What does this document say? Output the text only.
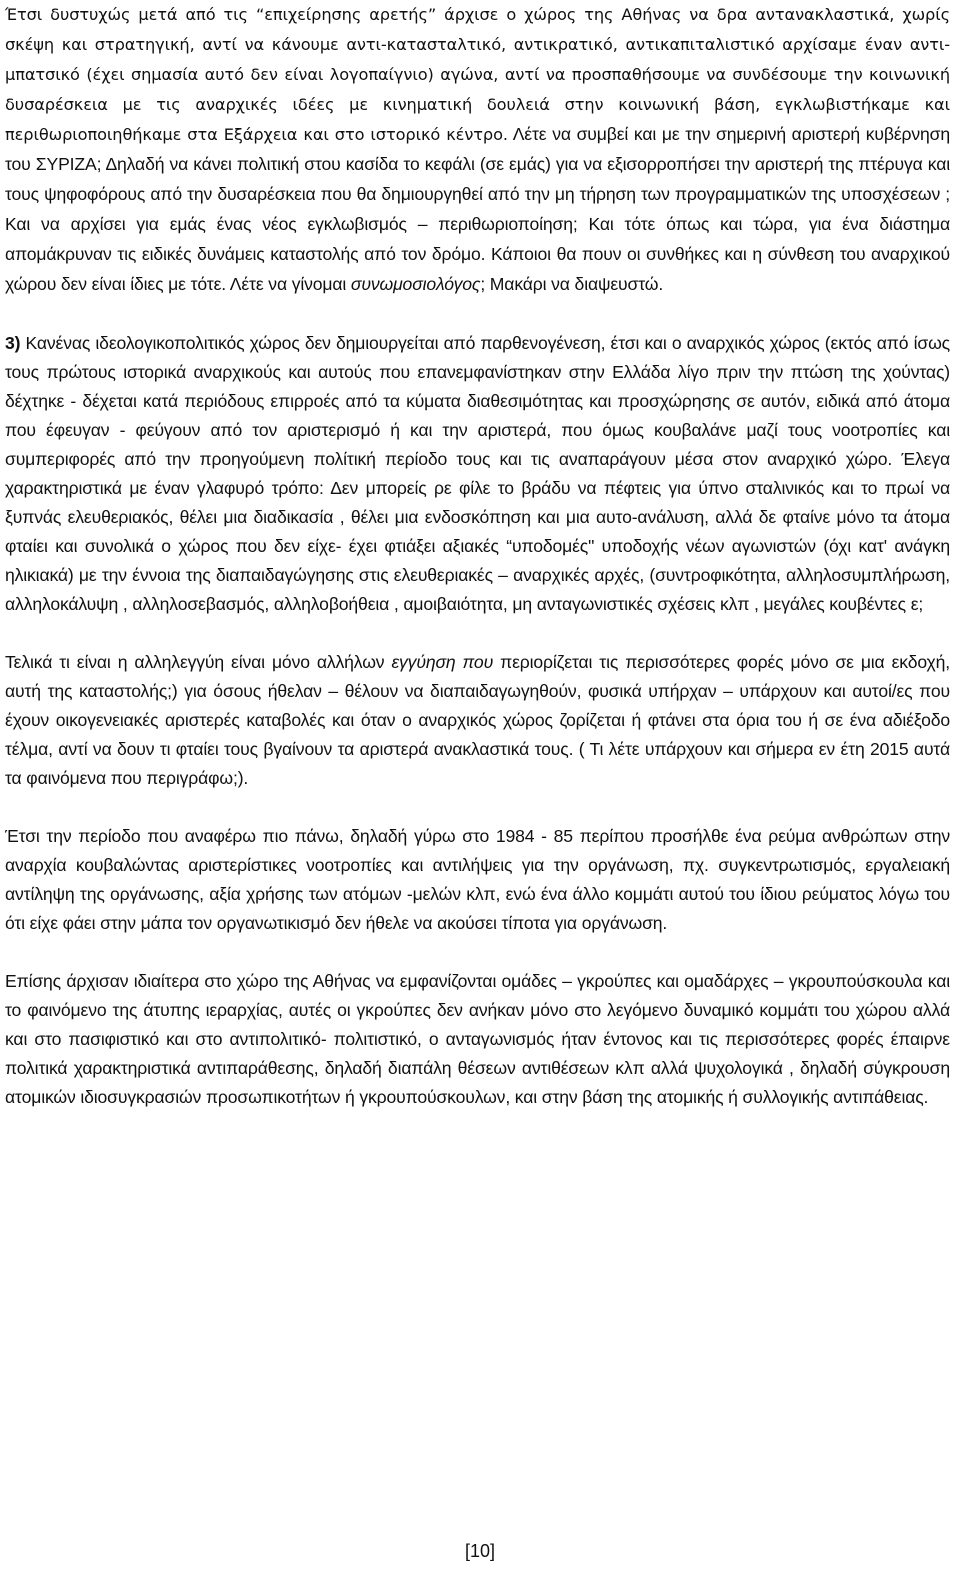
Έτσι δυστυχώς μετά από τις “επιχείρησης αρετής” άρχισε ο χώρος της Αθήνας να δρα αντανακλαστικά, χωρίς σκέψη και στρατηγική, αντί να κάνουμε αντι-κατασταλτικό, αντικρατικό, αντικαπιταλιστικό αρχίσαμε έναν αντι-μπατσικό (έχει σημασία αυτό δεν είναι λογοπαίγνιο) αγώνα, αντί να προσπαθήσουμε να συνδέσουμε την κοινωνική δυσαρέσκεια με τις αναρχικές ιδέες με κινηματική δουλειά στην κοινωνική βάση, εγκλωβιστήκαμε και περιθωριοποιηθήκαμε στα Εξάρχεια και στο ιστορικό κέντρο. Λέτε να συμβεί και με την σημερινή αριστερή κυβέρνηση του ΣΥΡΙΖΑ; Δηλαδή να κάνει πολιτική στου κασίδα το κεφάλι (σε εμάς) για να εξισορροπήσει την αριστερή της πτέρυγα και τους ψηφοφόρους από την δυσαρέσκεια που θα δημιουργηθεί από την μη τήρηση των προγραμματικών της υποσχέσεων ; Και να αρχίσει για εμάς ένας νέος εγκλωβισμός – περιθωριοποίηση; Και τότε όπως και τώρα, για ένα διάστημα απομάκρυναν τις ειδικές δυνάμεις καταστολής από τον δρόμο. Κάποιοι θα πουν οι συνθήκες και η σύνθεση του αναρχικού χώρου δεν είναι ίδιες με τότε. Λέτε να γίνομαι συνωμοσιολόγος; Μακάρι να διαψευστώ.

3) Κανένας ιδεολογικοπολιτικός χώρος δεν δημιουργείται από παρθενογένεση, έτσι και ο αναρχικός χώρος (εκτός από ίσως τους πρώτους ιστορικά αναρχικούς και αυτούς που επανεμφανίστηκαν στην Ελλάδα λίγο πριν την πτώση της χούντας) δέχτηκε - δέχεται κατά περιόδους επιρροές από τα κύματα διαθεσιμότητας και προσχώρησης σε αυτόν, ειδικά από άτομα που έφευγαν - φεύγουν από τον αριστερισμό ή και την αριστερά, που όμως κουβαλάνε μαζί τους νοοτροπίες και συμπεριφορές από την προηγούμενη πολίτική περίοδο τους και τις αναπαράγουν μέσα στον αναρχικό χώρο. Έλεγα χαρακτηριστικά με έναν γλαφυρό τρόπο: Δεν μπορείς ρε φίλε το βράδυ να πέφτεις για ύπνο σταλινικός και το πρωί να ξυπνάς ελευθεριακός, θέλει μια διαδικασία , θέλει μια ενδοσκόπηση και μια αυτο-ανάλυση, αλλά δε φταίνε μόνο τα άτομα φταίει και συνολικά ο χώρος που δεν είχε- έχει φτιάξει αξιακές “υποδομές" υποδοχής νέων αγωνιστών (όχι κατ' ανάγκη ηλικιακά) με την έννοια της διαπαιδαγώγησης στις ελευθεριακές – αναρχικές αρχές, (συντροφικότητα, αλληλοσυμπλήρωση, αλληλοκάλυψη , αλληλοσεβασμός, αλληλοβοήθεια , αμοιβαιότητα, μη ανταγωνιστικές σχέσεις κλπ , μεγάλες κουβέντες ε;

Τελικά τι είναι η αλληλεγγύη είναι μόνο αλλήλων εγγύηση που περιορίζεται τις περισσότερες φορές μόνο σε μια εκδοχή, αυτή της καταστολής;) για όσους ήθελαν – θέλουν να διαπαιδαγωγηθούν, φυσικά υπήρχαν – υπάρχουν και αυτοί/ες που έχουν οικογενειακές αριστερές καταβολές και όταν ο αναρχικός χώρος ζορίζεται ή φτάνει στα όρια του ή σε ένα αδιέξοδο τέλμα, αντί να δουν τι φταίει τους βγαίνουν τα αριστερά ανακλαστικά τους. ( Τι λέτε υπάρχουν και σήμερα εν έτη 2015 αυτά τα φαινόμενα που περιγράφω;).

Έτσι την περίοδο που αναφέρω πιο πάνω, δηλαδή γύρω στο 1984 - 85 περίπου προσήλθε ένα ρεύμα ανθρώπων στην αναρχία κουβαλώντας αριστερίστικες νοοτροπίες και αντιλήψεις για την οργάνωση, πχ. συγκεντρωτισμός, εργαλειακή αντίληψη της οργάνωσης, αξία χρήσης των ατόμων -μελών κλπ, ενώ ένα άλλο κομμάτι αυτού του ίδιου ρεύματος λόγω του ότι είχε φάει στην μάπα τον οργανωτικισμό δεν ήθελε να ακούσει τίποτα για οργάνωση.

Επίσης άρχισαν ιδιαίτερα στο χώρο της Αθήνας να εμφανίζονται ομάδες – γκρούπες και ομαδάρχες – γκρουπούσκουλα και το φαινόμενο της άτυπης ιεραρχίας, αυτές οι γκρούπες δεν ανήκαν μόνο στο λεγόμενο δυναμικό κομμάτι του χώρου αλλά και στο πασιφιστικό και στο αντιπολιτικό- πολιτιστικό, ο ανταγωνισμός ήταν έντονος και τις περισσότερες φορές έπαιρνε πολιτικά χαρακτηριστικά αντιπαράθεσης, δηλαδή διαπάλη θέσεων αντιθέσεων κλπ αλλά ψυχολογικά , δηλαδή σύγκρουση ατομικών ιδιοσυγκρασιών προσωπικοτήτων ή γκρουπούσκουλων, και στην βάση της ατομικής ή συλλογικής αντιπάθειας.

[10]
